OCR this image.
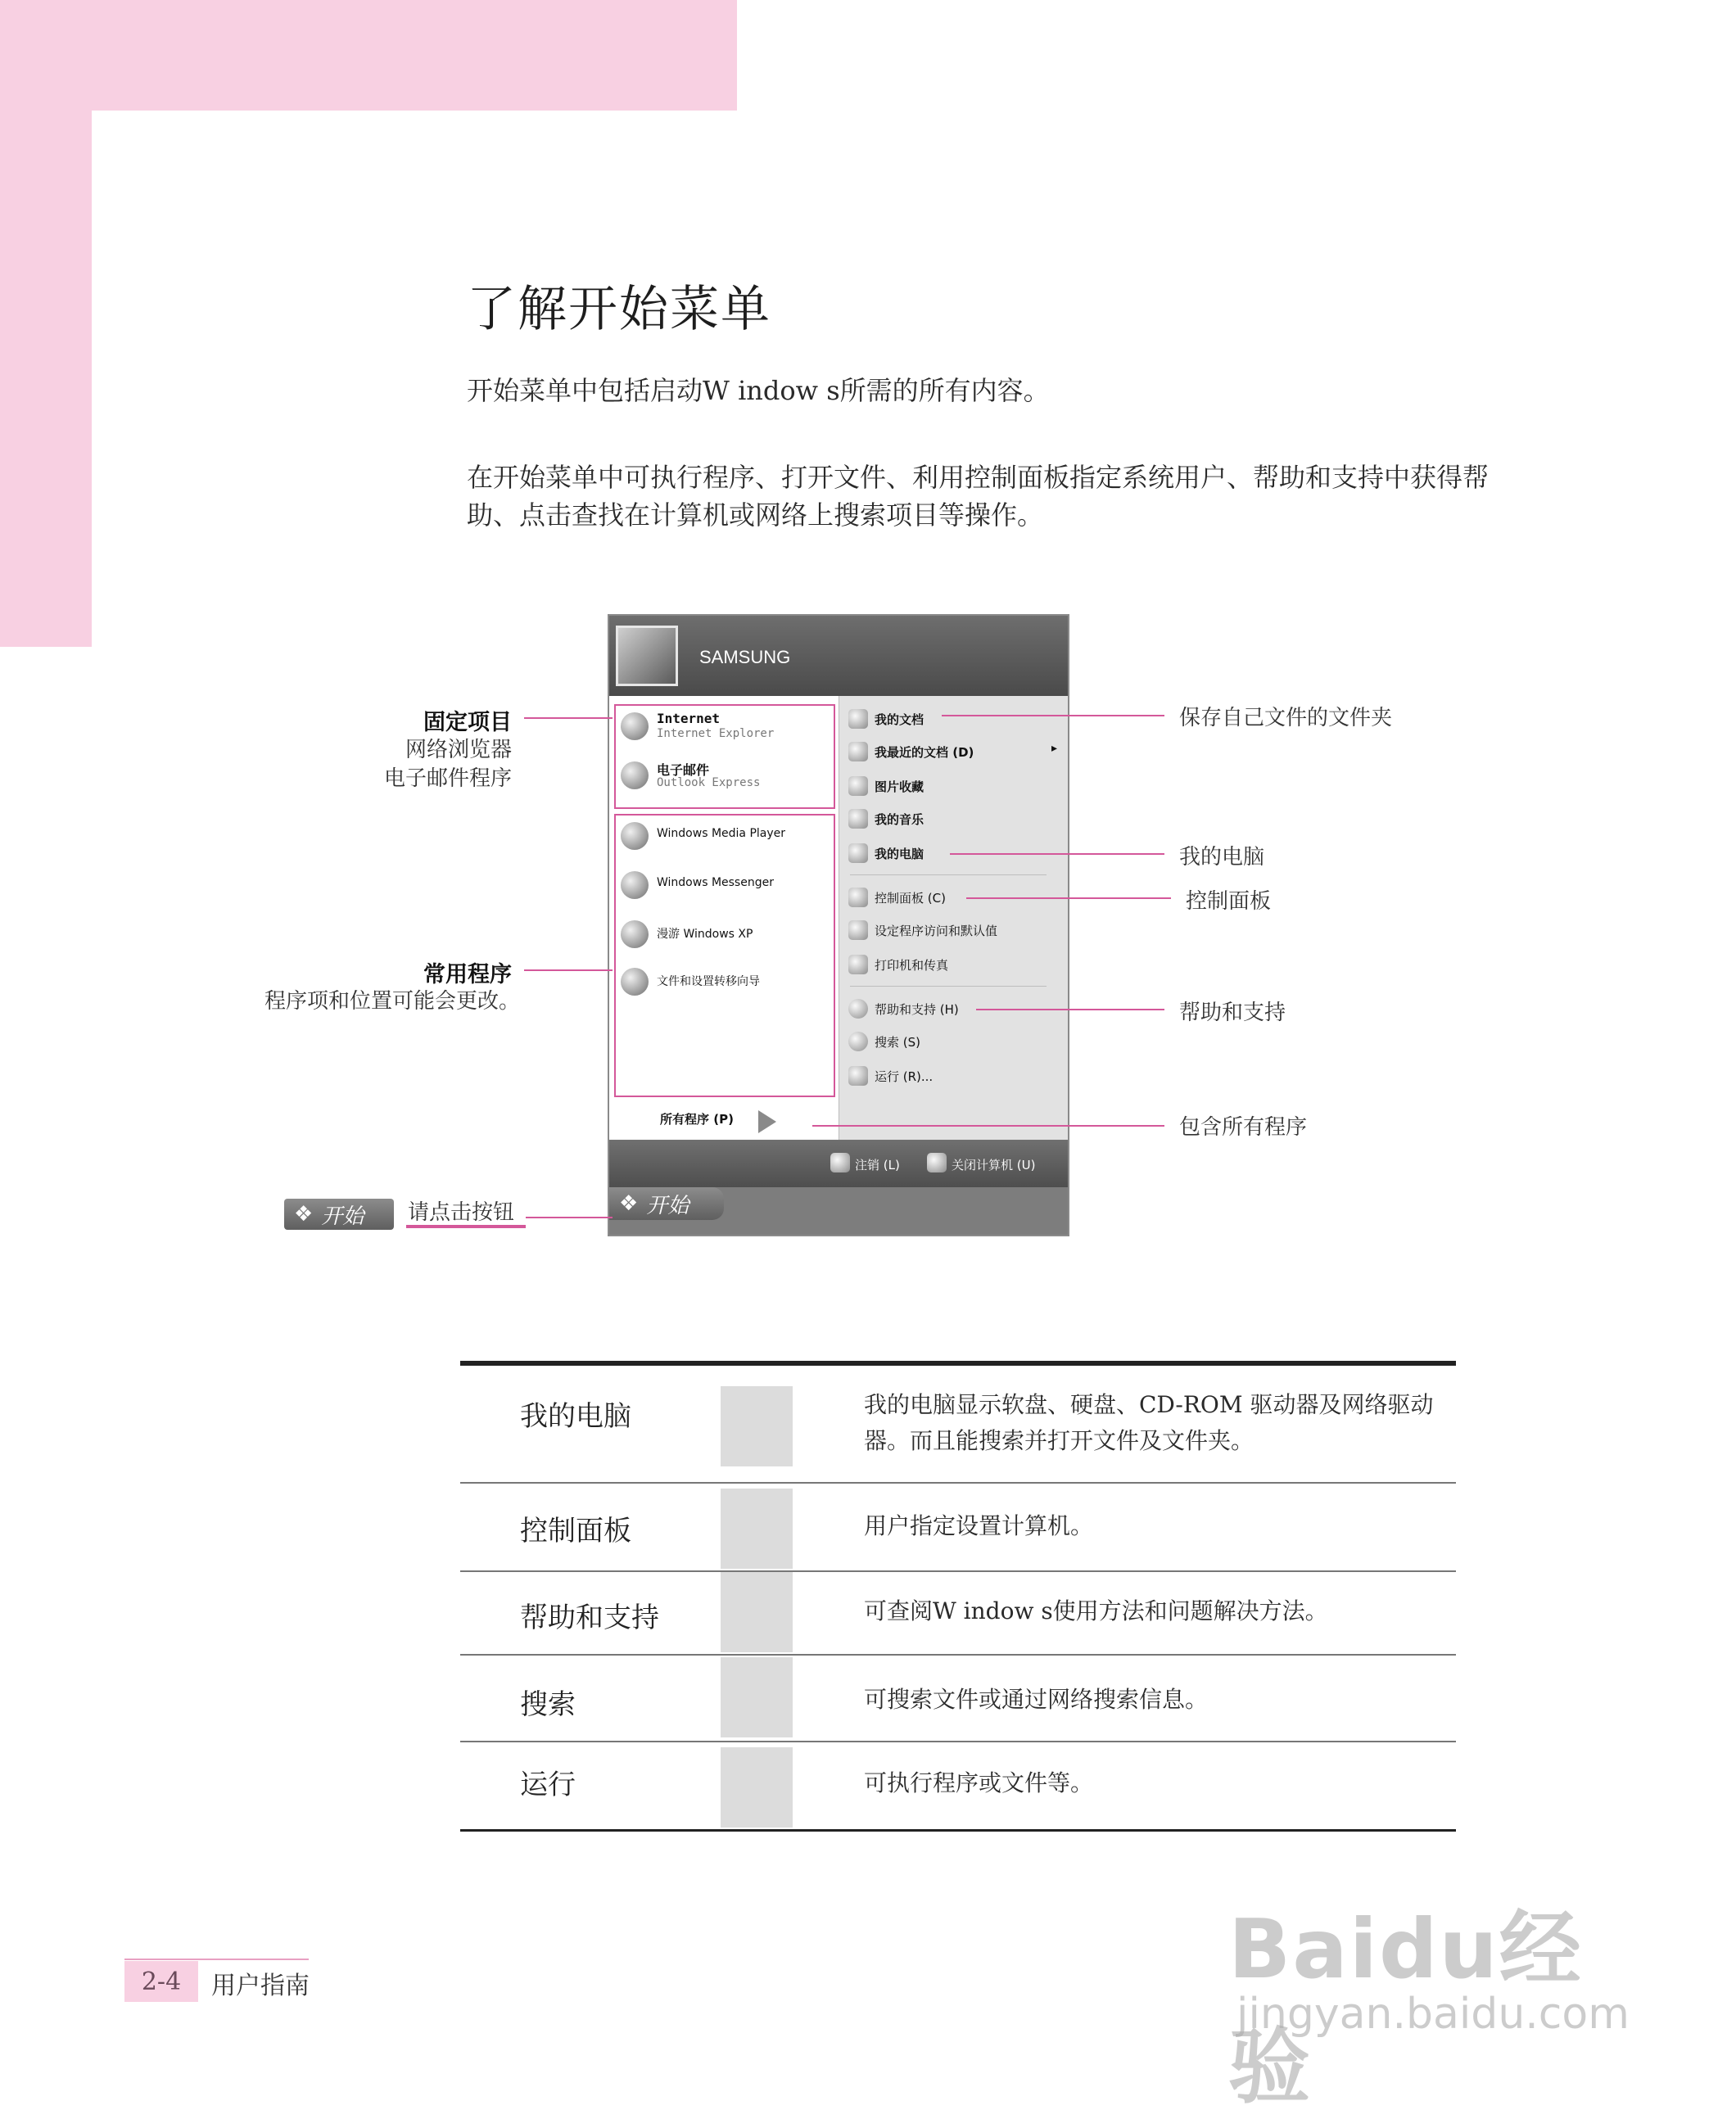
了解开始菜单
开始菜单中包括启动W indow s所需的所有内容。
在开始菜单中可执行程序、打开文件、利用控制面板指定系统用户、帮助和支持中获得帮助、点击查找在计算机或网络上搜索项目等操作。
SAMSUNG
Internet
Internet Explorer
电子邮件
Outlook Express
Windows Media Player
Windows Messenger
漫游 Windows XP
文件和设置转移向导
所有程序 (P)
我的文档
我最近的文档 (D)	▸
图片收藏
我的音乐
我的电脑
控制面板 (C)
设定程序访问和默认值
打印机和传真
帮助和支持 (H)
搜索 (S)
运行 (R)...
注销 (L)	关闭计算机 (U)
❖ 开始
固定项目
网络浏览器
电子邮件程序
常用程序
程序项和位置可能会更改。
❖ 开始 请点击按钮
保存自己文件的文件夹
我的电脑
控制面板
帮助和支持
包含所有程序
我的电脑	我的电脑显示软盘、硬盘、CD-ROM 驱动器及网络驱动器。而且能搜索并打开文件及文件夹。
控制面板	用户指定设置计算机。
帮助和支持	可查阅W indow s使用方法和问题解决方法。
搜索	可搜索文件或通过网络搜索信息。
运行	可执行程序或文件等。
2-4	用户指南	Baidu经验
jingyan.baidu.com
